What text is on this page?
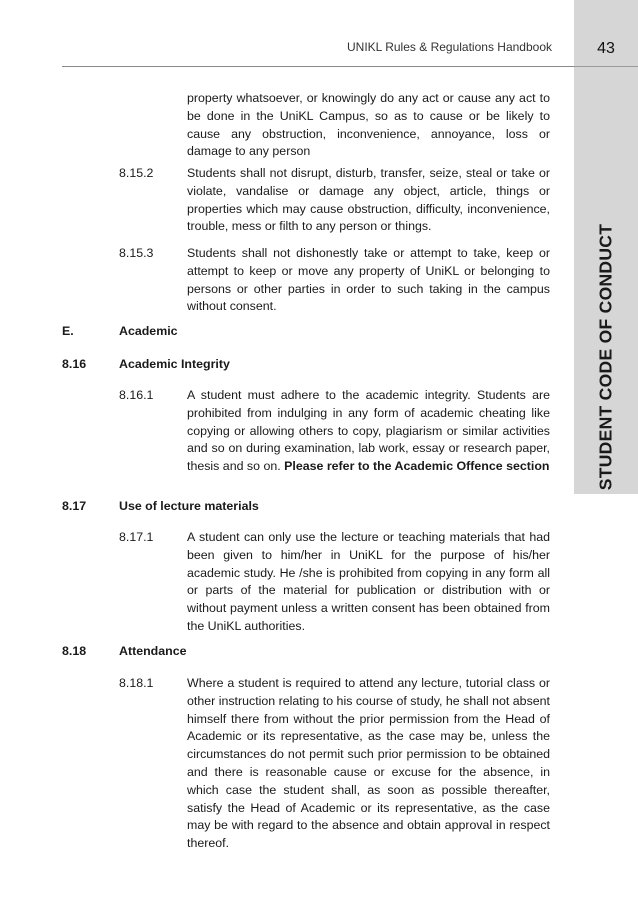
UNIKL Rules & Regulations Handbook	43
STUDENT CODE OF CONDUCT
property whatsoever, or knowingly do any act or cause any act to be done in the UniKL Campus, so as to cause or be likely to cause any obstruction, inconvenience, annoyance, loss or damage to any person
8.15.2	Students shall not disrupt, disturb, transfer, seize, steal or take or violate, vandalise or damage any object, article, things or properties which may cause obstruction, difficulty, inconvenience, trouble, mess or filth to any person or things.
8.15.3	Students shall not dishonestly take or attempt to take, keep or attempt to keep or move any property of UniKL or belonging to persons or other parties in order to such taking in the campus without consent.
E.	Academic
8.16	Academic Integrity
8.16.1	A student must adhere to the academic integrity. Students are prohibited from indulging in any form of academic cheating like copying or allowing others to copy, plagiarism or similar activities and so on during examination, lab work, essay or research paper, thesis and so on. Please refer to the Academic Offence section
8.17	Use of lecture materials
8.17.1	A student can only use the lecture or teaching materials that had been given to him/her in UniKL for the purpose of his/her academic study. He /she is prohibited from copying in any form all or parts of the material for publication or distribution with or without payment unless a written consent has been obtained from the UniKL authorities.
8.18	Attendance
8.18.1	Where a student is required to attend any lecture, tutorial class or other instruction relating to his course of study, he shall not absent himself there from without the prior permission from the Head of Academic or its representative, as the case may be, unless the circumstances do not permit such prior permission to be obtained and there is reasonable cause or excuse for the absence, in which case the student shall, as soon as possible thereafter, satisfy the Head of Academic or its representative, as the case may be with regard to the absence and obtain approval in respect thereof.
